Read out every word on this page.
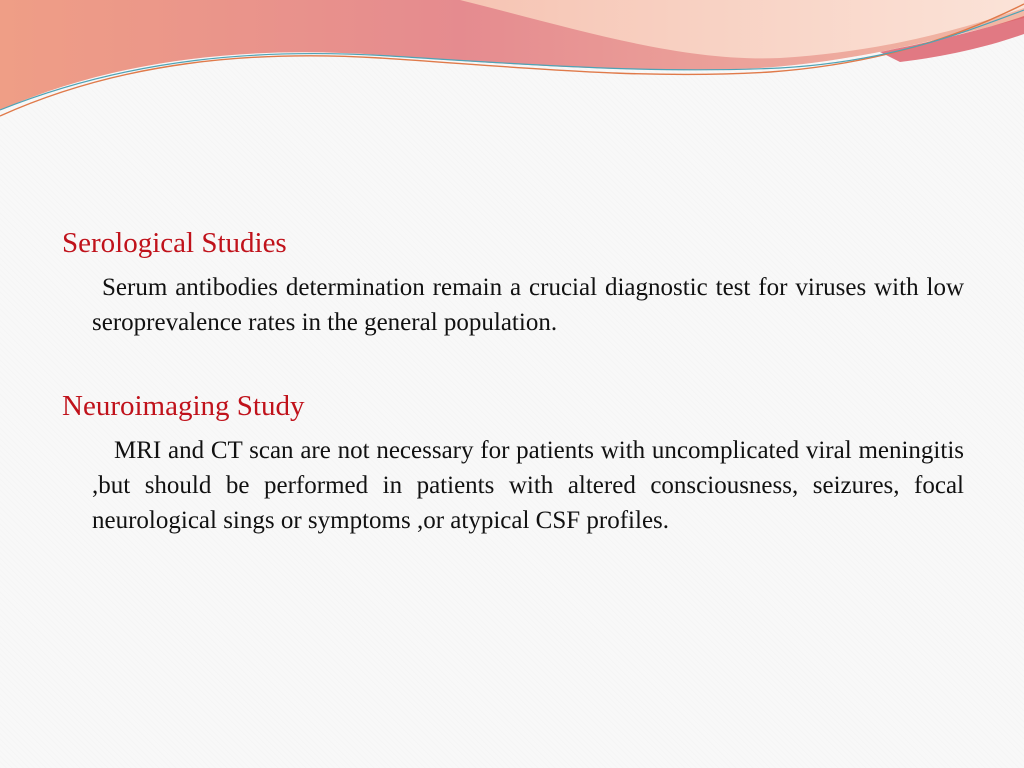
Serological Studies

Serum antibodies determination remain a crucial diagnostic test for viruses with low seroprevalence rates in the general population.

Neuroimaging Study

MRI and CT scan are not necessary for patients with uncomplicated viral meningitis ,but should be performed in patients with altered consciousness, seizures, focal neurological sings or symptoms ,or atypical CSF profiles.
